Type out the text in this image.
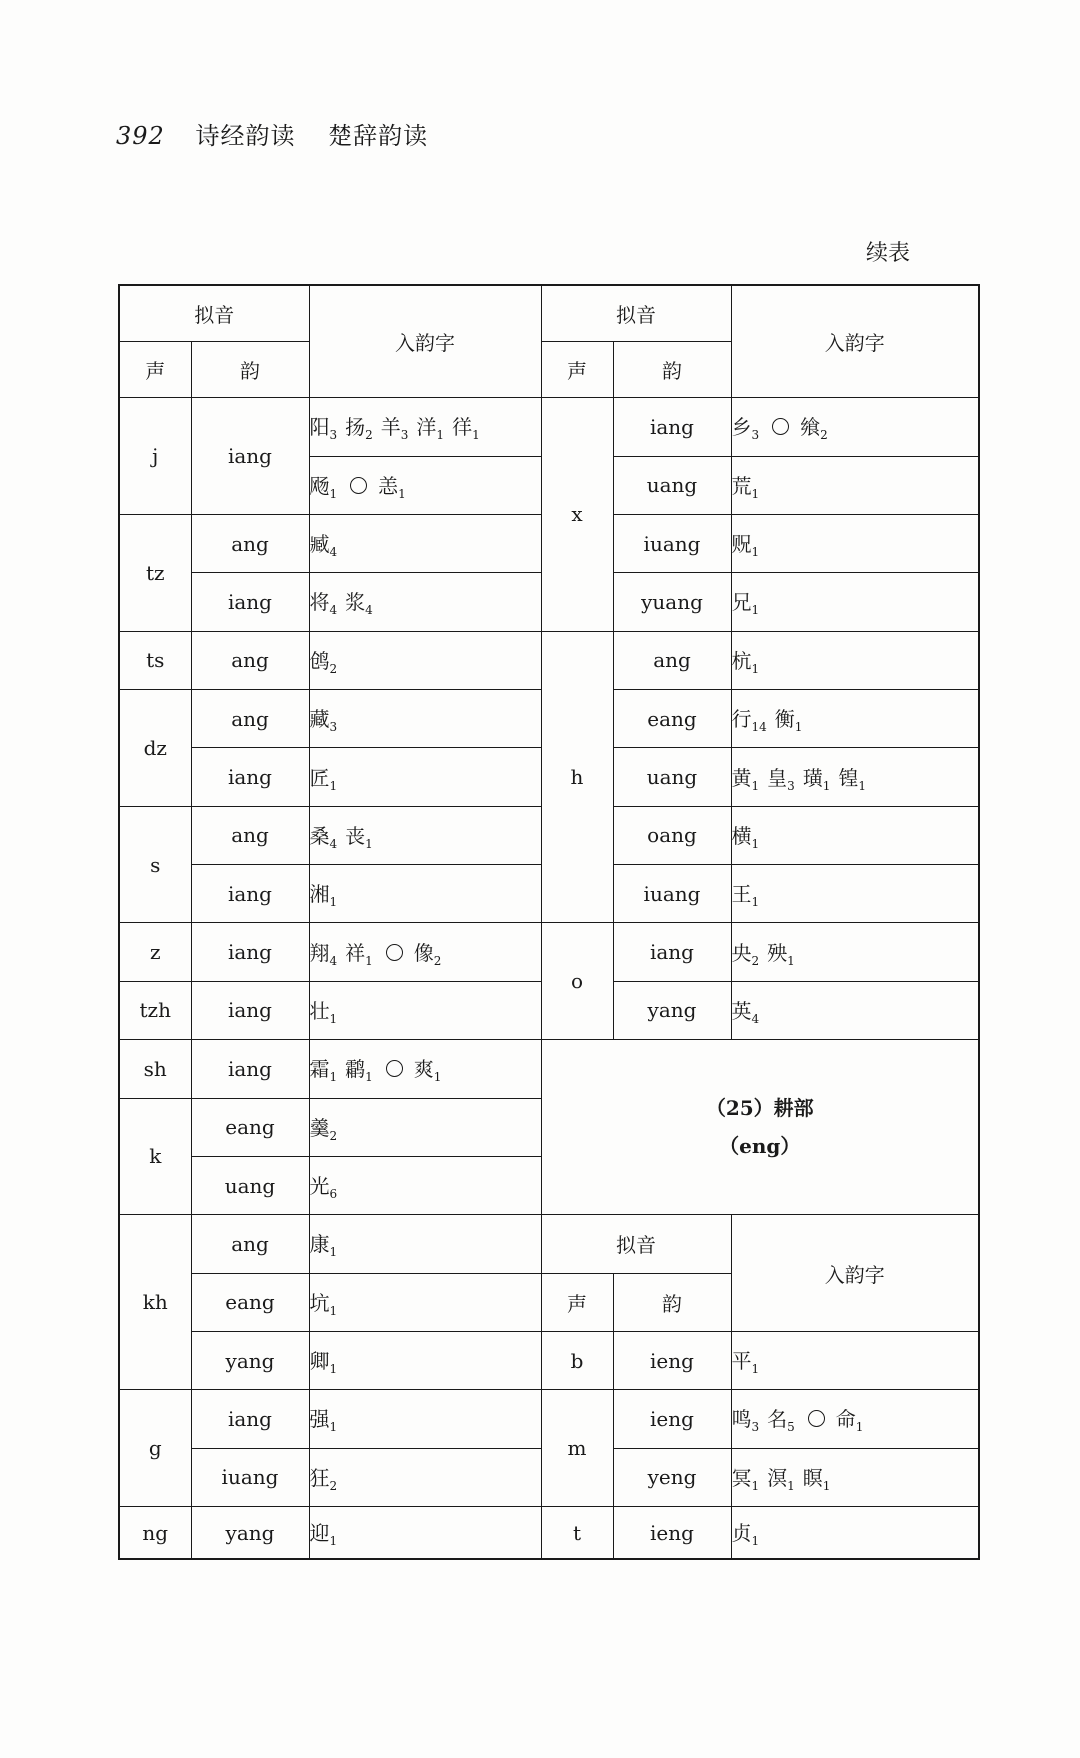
392 诗经韵读 楚辞韵读
续表
拟音		入韵字	拟音		入韵字
声	韵		声	韵	
j	iang	阳$_3$ 扬$_2$ 羊$_3$ 洋$_1$ 徉$_1$	x	iang	乡$_3$ 飨$_2$
		飏$_1$ 恙$_1$		uang	荒$_1$
tz	ang	臧$_4$		iuang	贶$_1$
	iang	将$_4$ 浆$_4$		yuang	兄$_1$
ts	ang	鸧$_2$	h	ang	杭$_1$
dz	ang	藏$_3$		eang	行$_{14}$ 衡$_1$
	iang	匠$_1$		uang	黄$_1$ 皇$_3$ 璜$_1$ 锽$_1$
s	ang	桑$_4$ 丧$_1$		oang	横$_1$
	iang	湘$_1$		iuang	王$_1$
z	iang	翔$_4$ 祥$_1$ 像$_2$	o	iang	央$_2$ 殃$_1$
tzh	iang	壮$_1$		yang	英$_4$
sh	iang	霜$_1$ 鹴$_1$ 爽$_1$	（25）耕部
（eng）		

k	eang	羹$_2$
	uang	光$_6$
kh	ang	康$_1$	拟音		入韵字
	eang	坑$_1$	声	韵	
	yang	卿$_1$	b	ieng	平$_1$
g	iang	强$_1$	m	ieng	鸣$_3$ 名$_5$ 命$_1$
	iuang	狂$_2$		yeng	冥$_1$ 溟$_1$ 瞑$_1$
ng	yang	迎$_1$	t	ieng	贞$_1$
